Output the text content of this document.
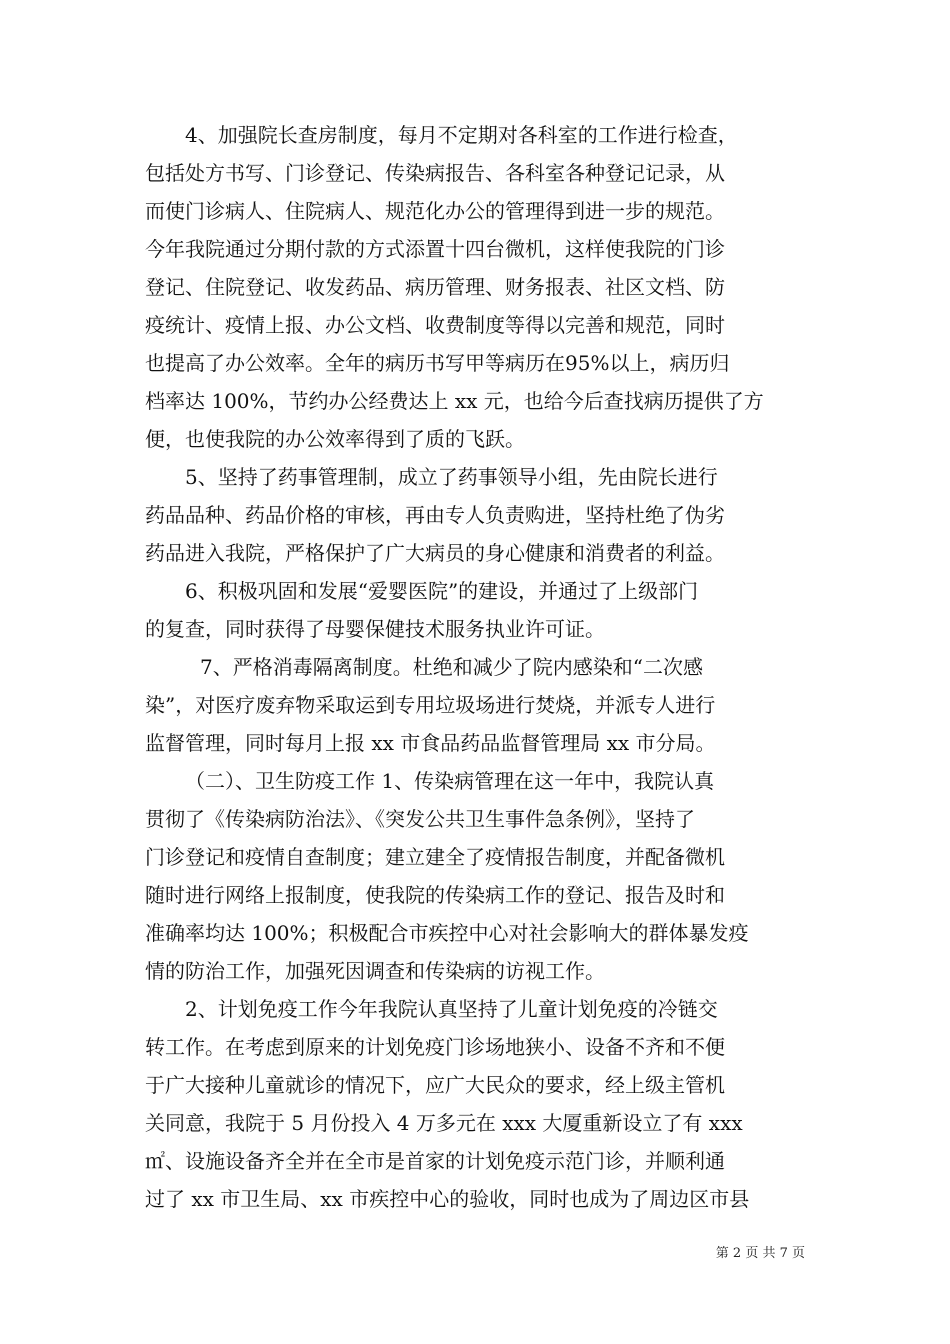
4、加强院长查房制度，每月不定期对各科室的工作进行检查，
包括处方书写、门诊登记、传染病报告、各科室各种登记记录，从
而使门诊病人、住院病人、规范化办公的管理得到进一步的规范。
今年我院通过分期付款的方式添置十四台微机，这样使我院的门诊
登记、住院登记、收发药品、病历管理、财务报表、社区文档、防
疫统计、疫情上报、办公文档、收费制度等得以完善和规范，同时
也提高了办公效率。全年的病历书写甲等病历在95%以上，病历归
档率达 100%，节约办公经费达上 xx 元，也给今后查找病历提供了方
便，也使我院的办公效率得到了质的飞跃。
5、坚持了药事管理制，成立了药事领导小组，先由院长进行
药品品种、药品价格的审核，再由专人负责购进，坚持杜绝了伪劣
药品进入我院，严格保护了广大病员的身心健康和消费者的利益。
6、积极巩固和发展“爱婴医院”的建设，并通过了上级部门
的复查，同时获得了母婴保健技术服务执业许可证。
7、严格消毒隔离制度。杜绝和减少了院内感染和“二次感
染”，对医疗废弃物采取运到专用垃圾场进行焚烧，并派专人进行
监督管理，同时每月上报 xx 市食品药品监督管理局 xx 市分局。
（二）、卫生防疫工作 1、传染病管理在这一年中，我院认真
贯彻了《传染病防治法》、《突发公共卫生事件急条例》，坚持了
门诊登记和疫情自查制度；建立建全了疫情报告制度，并配备微机
随时进行网络上报制度，使我院的传染病工作的登记、报告及时和
准确率均达 100%；积极配合市疾控中心对社会影响大的群体暴发疫
情的防治工作，加强死因调查和传染病的访视工作。
2、计划免疫工作今年我院认真坚持了儿童计划免疫的冷链交
转工作。在考虑到原来的计划免疫门诊场地狭小、设备不齐和不便
于广大接种儿童就诊的情况下，应广大民众的要求，经上级主管机
关同意，我院于 5 月份投入 4 万多元在 xxx 大厦重新设立了有 xxx
㎡、设施设备齐全并在全市是首家的计划免疫示范门诊，并顺利通
过了 xx 市卫生局、xx 市疾控中心的验收，同时也成为了周边区市县
第 2 页 共 7 页
